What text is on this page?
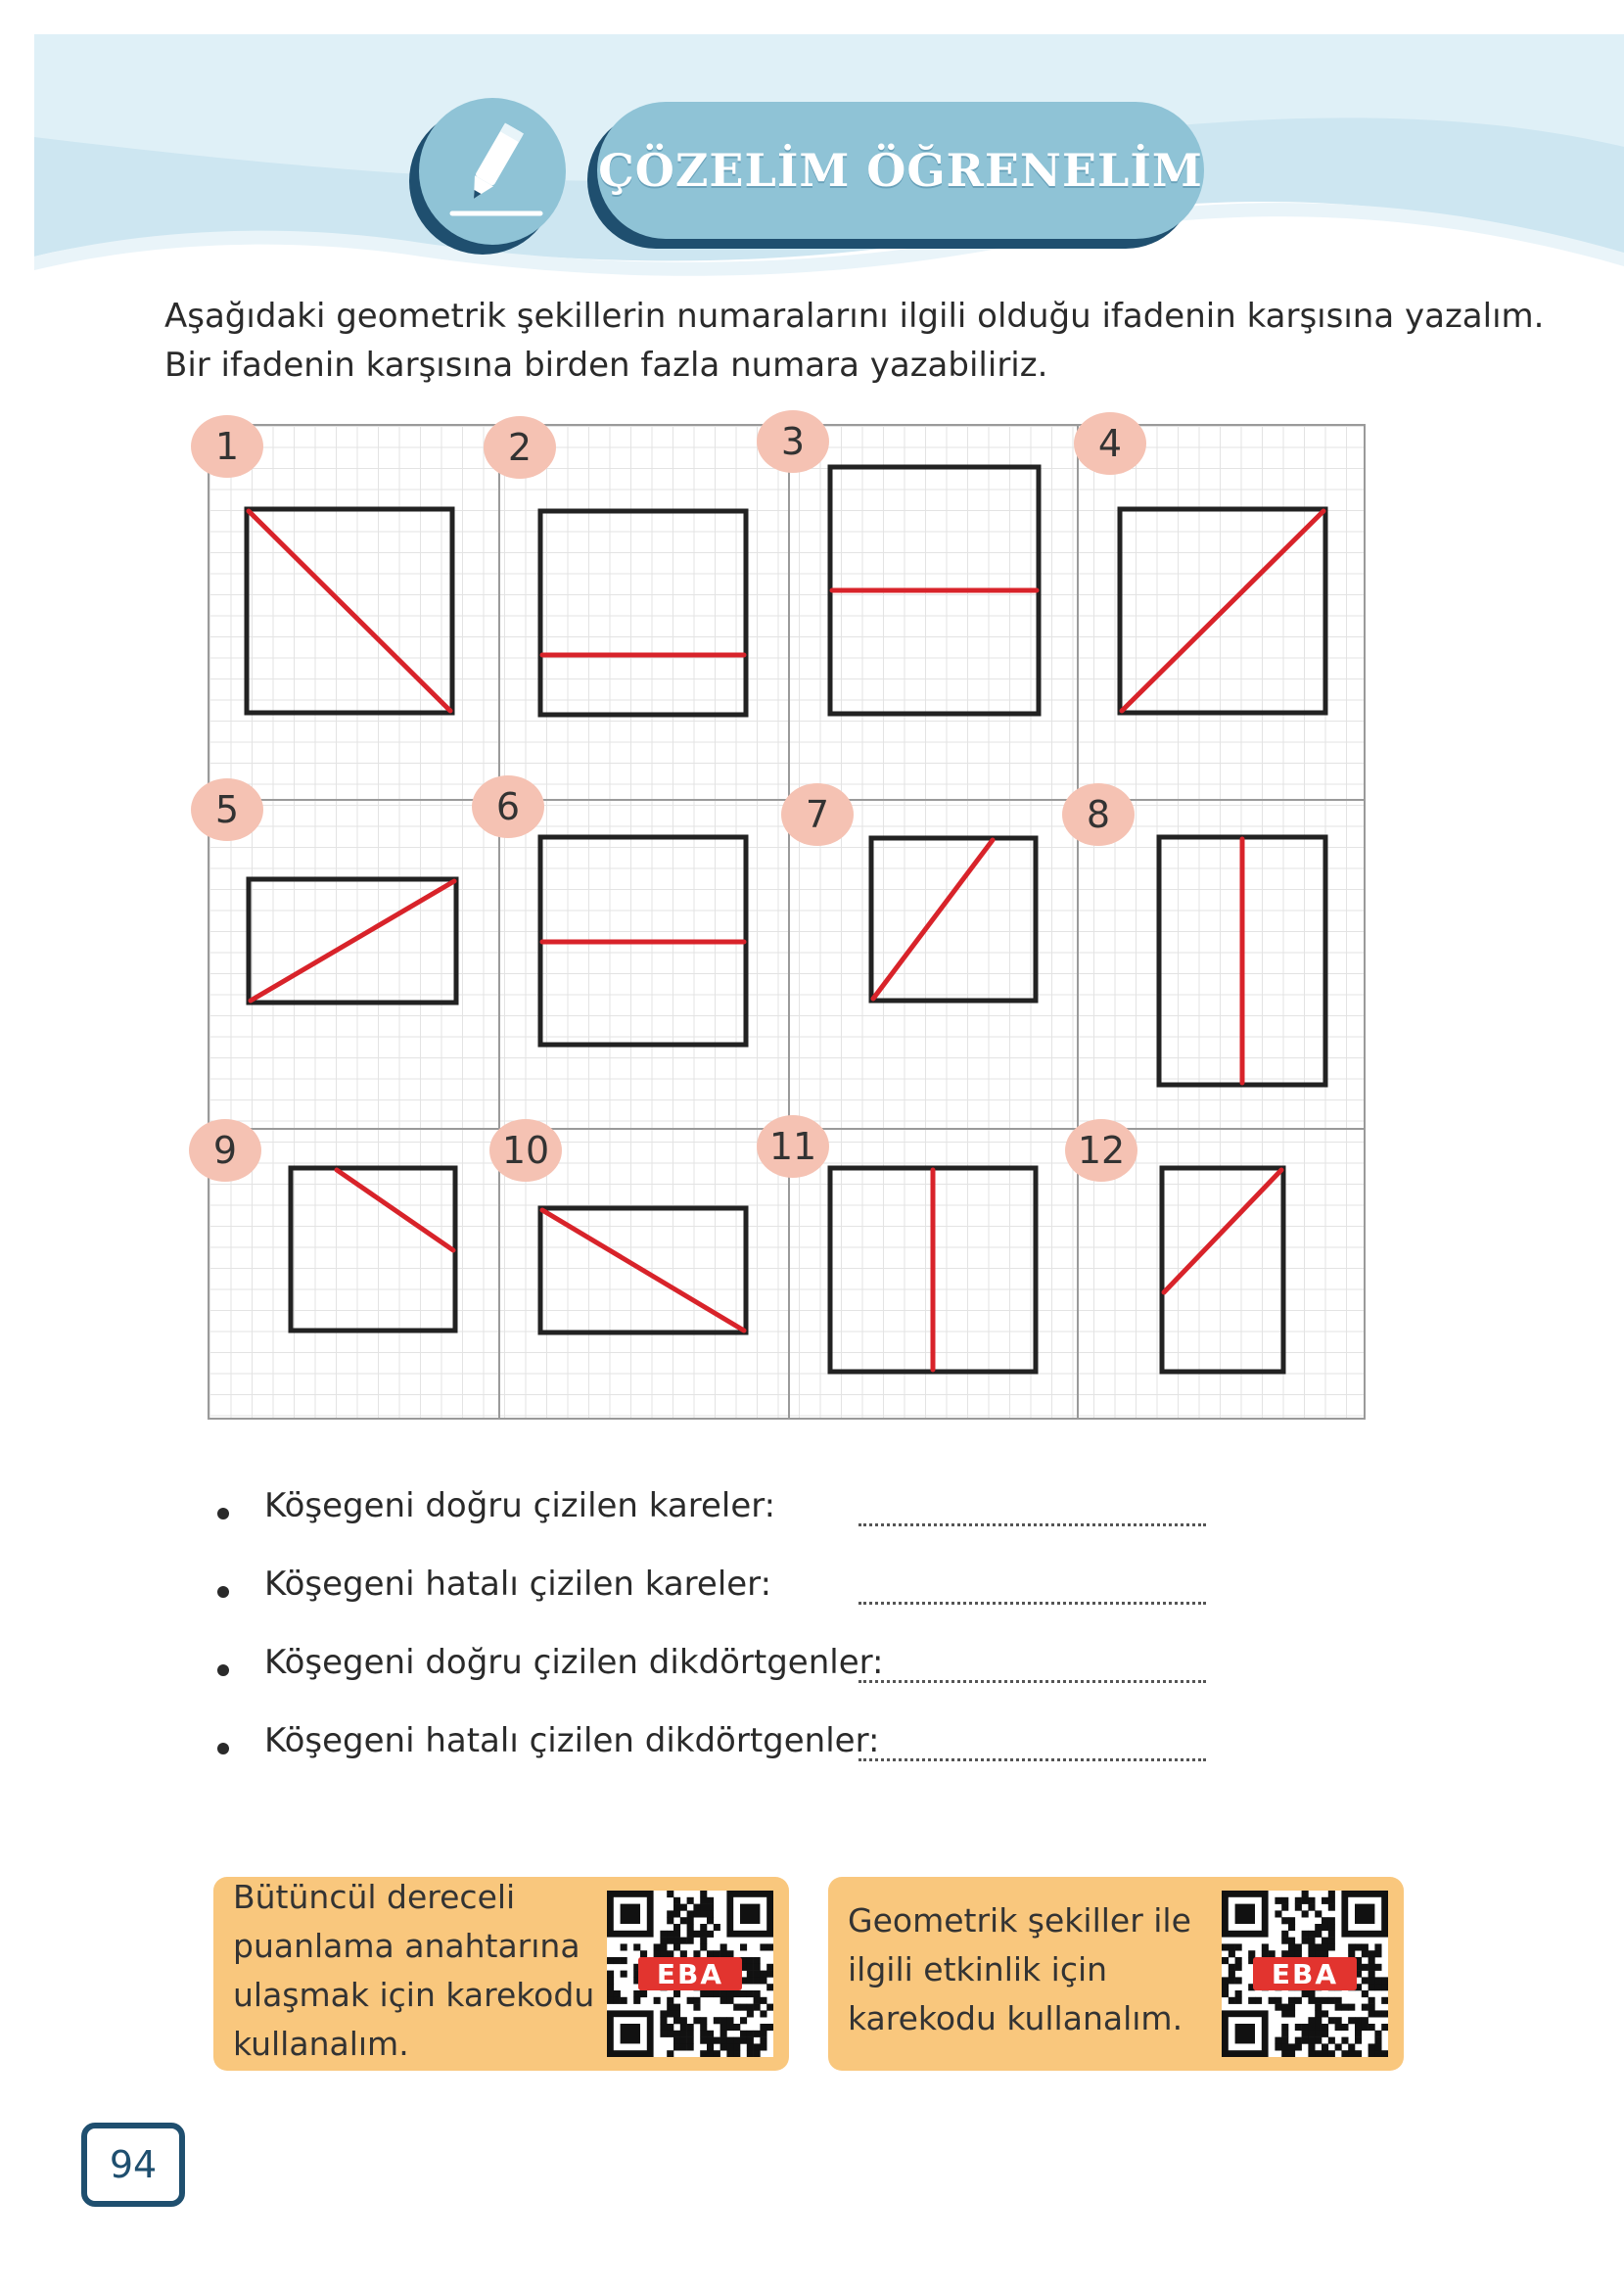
ÇÖZELİM ÖĞRENELİM
Aşağıdaki geometrik şekillerin numaralarını ilgili olduğu ifadenin karşısına yazalım.
Bir ifadenin karşısına birden fazla numara yazabiliriz.
1	2	3	4
5	6	7	8
9	10	11	12
Köşegeni doğru çizilen kareler:
Köşegeni hatalı çizilen kareler:
Köşegeni doğru çizilen dikdörtgenler:
Köşegeni hatalı çizilen dikdörtgenler:
Bütüncül dereceli
puanlama anahtarına
ulaşmak için karekodu
kullanalım.
EBA
Geometrik şekiller ile
ilgili etkinlik için
karekodu kullanalım.
EBA
94
